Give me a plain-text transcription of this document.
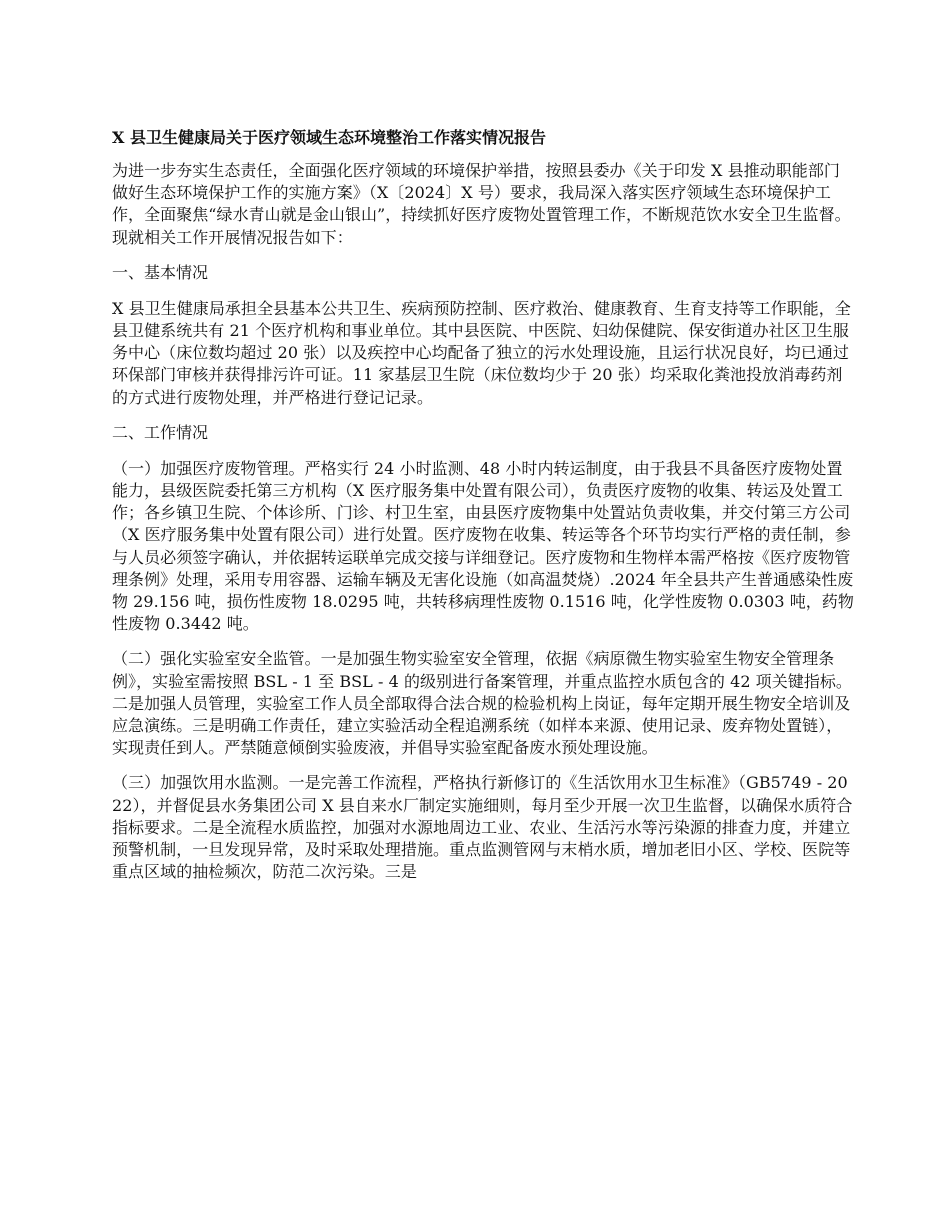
X 县卫生健康局关于医疗领域生态环境整治工作落实情况报告
为进一步夯实生态责任，全面强化医疗领域的环境保护举措，按照县委办《关于印发 X 县推动职能部门做好生态环境保护工作的实施方案》（X〔2024〕X 号）要求，我局深入落实医疗领域生态环境保护工作，全面聚焦“绿水青山就是金山银山”，持续抓好医疗废物处置管理工作，不断规范饮水安全卫生监督。现就相关工作开展情况报告如下：
一、基本情况
X 县卫生健康局承担全县基本公共卫生、疾病预防控制、医疗救治、健康教育、生育支持等工作职能，全县卫健系统共有 21 个医疗机构和事业单位。其中县医院、中医院、妇幼保健院、保安街道办社区卫生服务中心（床位数均超过 20 张）以及疾控中心均配备了独立的污水处理设施，且运行状况良好，均已通过环保部门审核并获得排污许可证。11 家基层卫生院（床位数均少于 20 张）均采取化粪池投放消毒药剂的方式进行废物处理，并严格进行登记记录。
二、工作情况
（一）加强医疗废物管理。严格实行 24 小时监测、48 小时内转运制度，由于我县不具备医疗废物处置能力，县级医院委托第三方机构（X 医疗服务集中处置有限公司），负责医疗废物的收集、转运及处置工作；各乡镇卫生院、个体诊所、门诊、村卫生室，由县医疗废物集中处置站负责收集，并交付第三方公司（X 医疗服务集中处置有限公司）进行处置。医疗废物在收集、转运等各个环节均实行严格的责任制，参与人员必须签字确认，并依据转运联单完成交接与详细登记。医疗废物和生物样本需严格按《医疗废物管理条例》处理，采用专用容器、运输车辆及无害化设施（如高温焚烧）.2024 年全县共产生普通感染性废物 29.156 吨，损伤性废物 18.0295 吨，共转移病理性废物 0.1516 吨，化学性废物 0.0303 吨，药物性废物 0.3442 吨。
（二）强化实验室安全监管。一是加强生物实验室安全管理，依据《病原微生物实验室生物安全管理条例》，实验室需按照 BSL - 1 至 BSL - 4 的级别进行备案管理，并重点监控水质包含的 42 项关键指标。二是加强人员管理，实验室工作人员全部取得合法合规的检验机构上岗证，每年定期开展生物安全培训及应急演练。三是明确工作责任，建立实验活动全程追溯系统（如样本来源、使用记录、废弃物处置链），实现责任到人。严禁随意倾倒实验废液，并倡导实验室配备废水预处理设施。
（三）加强饮用水监测。一是完善工作流程，严格执行新修订的《生活饮用水卫生标准》（GB5749 - 2022），并督促县水务集团公司 X 县自来水厂制定实施细则，每月至少开展一次卫生监督，以确保水质符合指标要求。二是全流程水质监控，加强对水源地周边工业、农业、生活污水等污染源的排查力度，并建立预警机制，一旦发现异常，及时采取处理措施。重点监测管网与末梢水质，增加老旧小区、学校、医院等重点区域的抽检频次，防范二次污染。三是
